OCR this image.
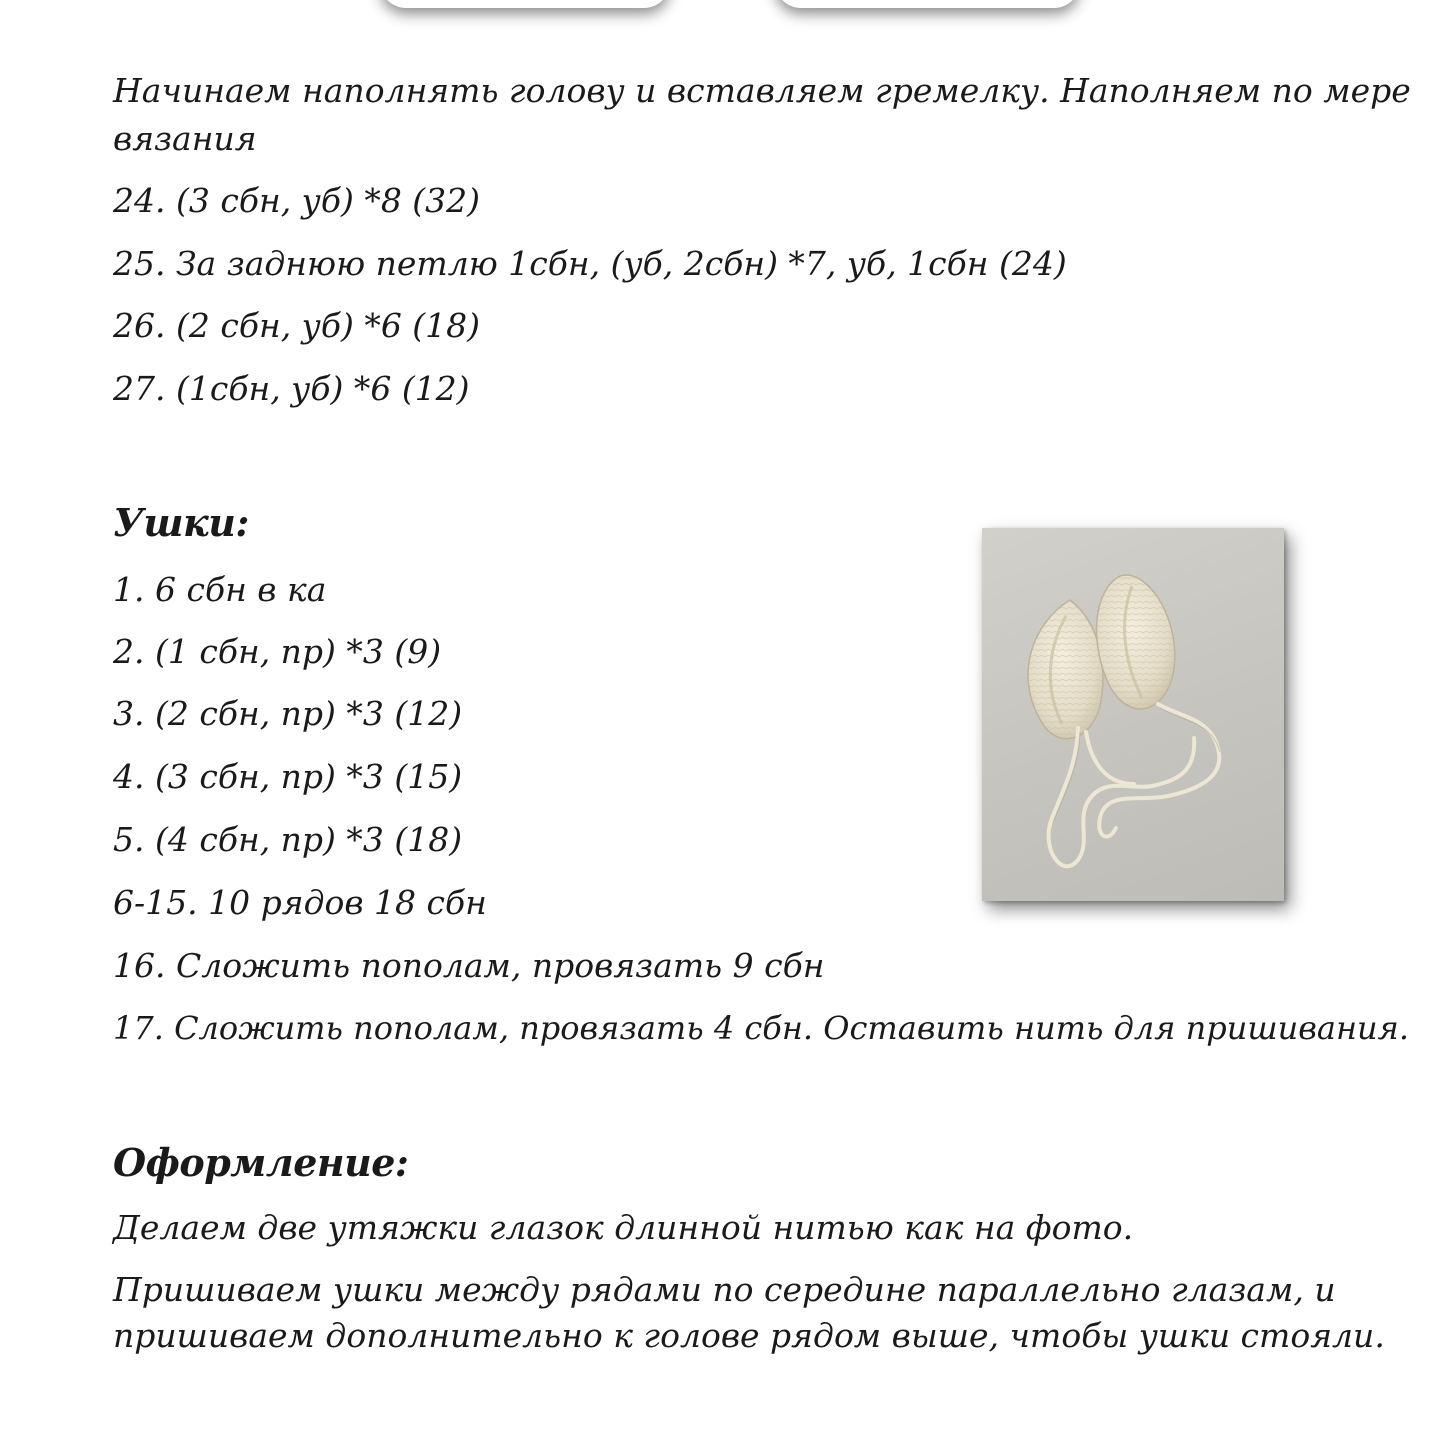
Начинаем наполнять голову и вставляем гремелку. Наполняем по мере
вязания
24. (3 сбн, уб) *8 (32)
25. За заднюю петлю 1сбн, (уб, 2сбн) *7, уб, 1сбн (24)
26. (2 сбн, уб) *6 (18)
27. (1сбн, уб) *6 (12)
Ушки:
1. 6 сбн в ка
2. (1 сбн, пр) *3 (9)
3. (2 сбн, пр) *3 (12)
4. (3 сбн, пр) *3 (15)
5. (4 сбн, пр) *3 (18)
6-15. 10 рядов 18 сбн
16. Сложить пополам, провязать 9 сбн
17. Сложить пополам, провязать 4 сбн. Оставить нить для пришивания.
Оформление:
Делаем две утяжки глазок длинной нитью как на фото.
Пришиваем ушки между рядами по середине параллельно глазам, и
пришиваем дополнительно к голове рядом выше, чтобы ушки стояли.
